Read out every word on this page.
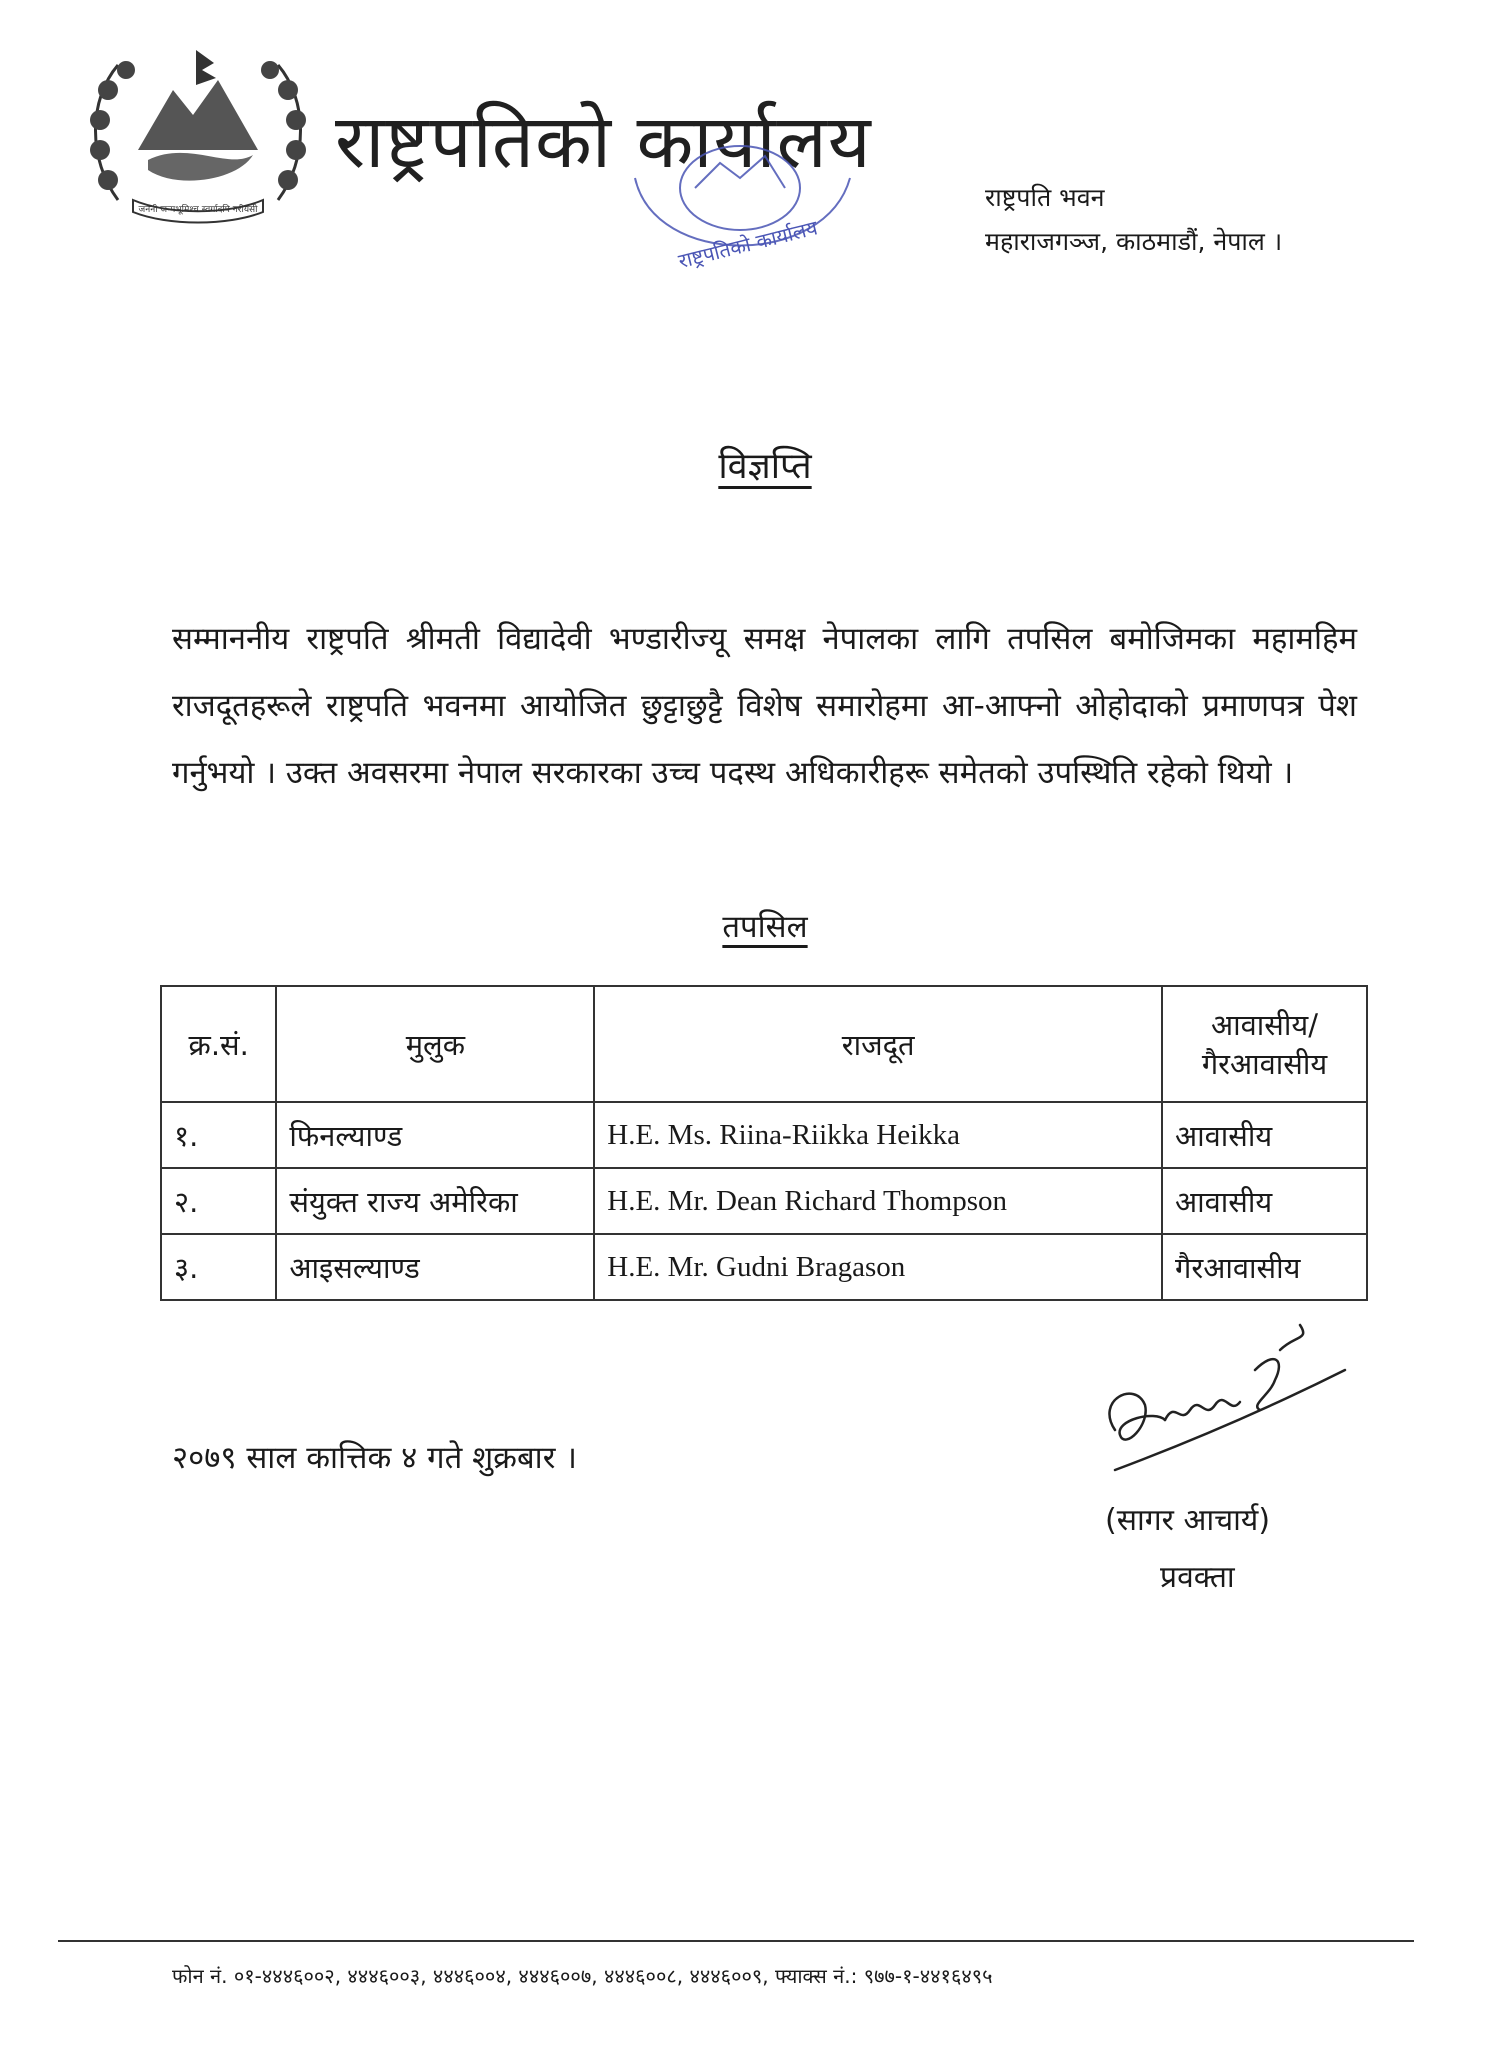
जननी जन्मभूमिश्च स्वर्गादपि गरीयसी
राष्ट्रपतिको कार्यालय
राष्ट्रपतिको कार्यालय
राष्ट्रपति भवन
महाराजगञ्ज, काठमाडौं, नेपाल ।
विज्ञप्ति
सम्माननीय राष्ट्रपति श्रीमती विद्यादेवी भण्डारीज्यू समक्ष नेपालका लागि तपसिल बमोजिमका महामहिम राजदूतहरूले राष्ट्रपति भवनमा आयोजित छुट्टाछुट्टै विशेष समारोहमा आ-आफ्नो ओहोदाको प्रमाणपत्र पेश गर्नुभयो । उक्त अवसरमा नेपाल सरकारका उच्च पदस्थ अधिकारीहरू समेतको उपस्थिति रहेको थियो ।
तपसिल
क्र.सं.	मुलुक	राजदूत	आवासीय/ गैरआवासीय
१.	फिनल्याण्ड	H.E. Ms. Riina-Riikka Heikka	आवासीय
२.	संयुक्त राज्य अमेरिका	H.E. Mr. Dean Richard Thompson	आवासीय
३.	आइसल्याण्ड	H.E. Mr. Gudni Bragason	गैरआवासीय
२०७९ साल कात्तिक ४ गते शुक्रबार ।
(सागर आचार्य)
प्रवक्ता
फोन नं. ०१-४४४६००२, ४४४६००३, ४४४६००४, ४४४६००७, ४४४६००८, ४४४६००९, फ्याक्स नं.: ९७७-१-४४१६४९५
